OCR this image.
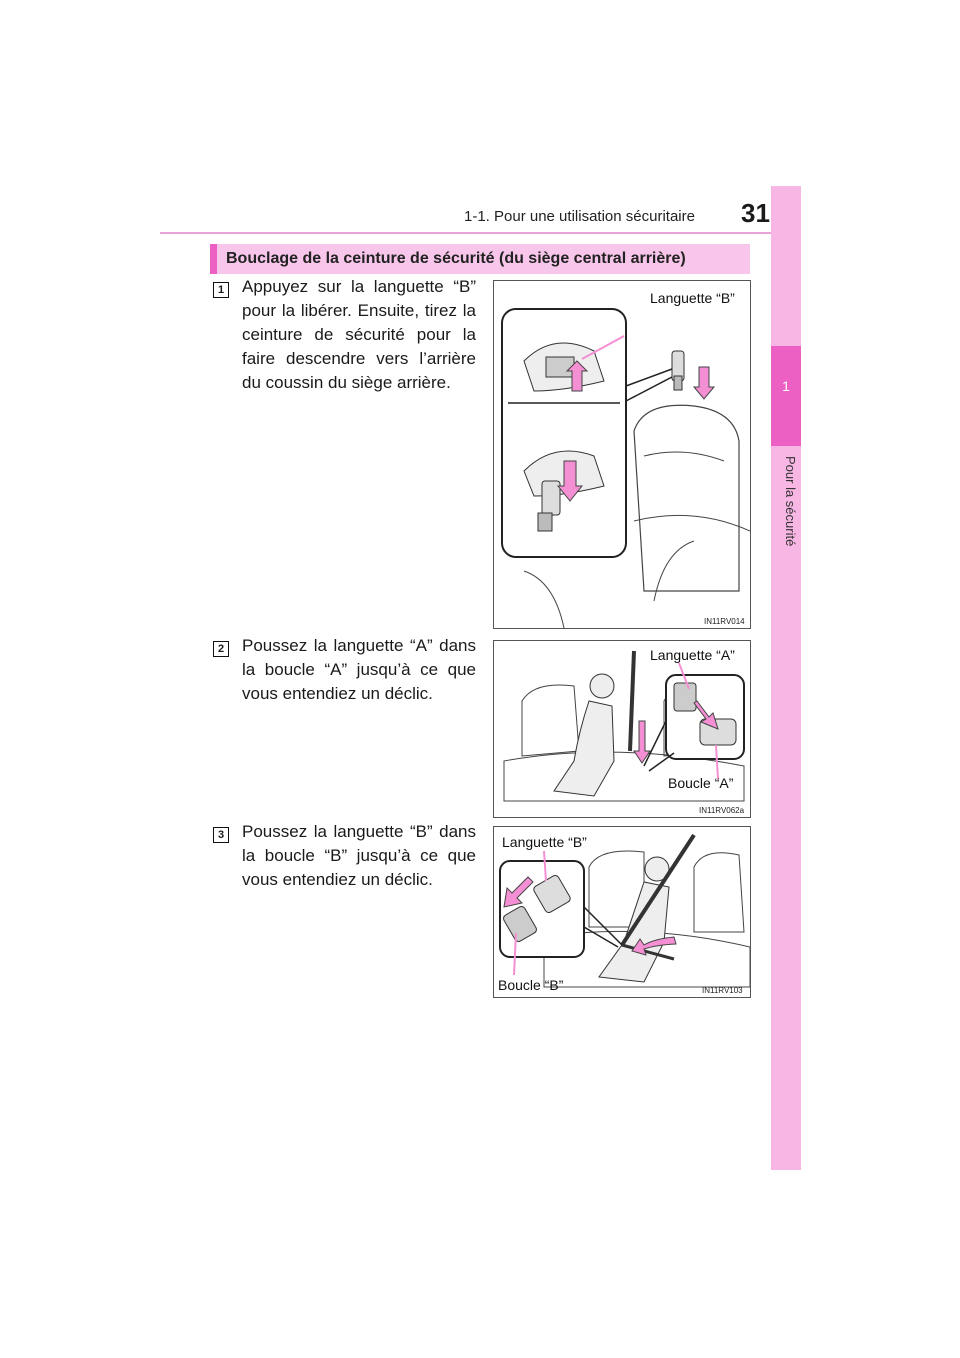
1-1. Pour une utilisation sécuritaire 31
1
Pour la sécurité
Bouclage de la ceinture de sécurité (du siège central arrière)
1 Appuyez sur la languette “B” pour la libérer. Ensuite, tirez la ceinture de sécurité pour la faire descendre vers l’arrière du coussin du siège arrière.
Languette “B”
IN11RV014
2 Poussez la languette “A” dans la boucle “A” jusqu’à ce que vous entendiez un déclic.
Languette “A”
Boucle “A”
IN11RV062a
3 Poussez la languette “B” dans la boucle “B” jusqu’à ce que vous entendiez un déclic.
Languette “B”
Boucle “B”	IN11RV103
